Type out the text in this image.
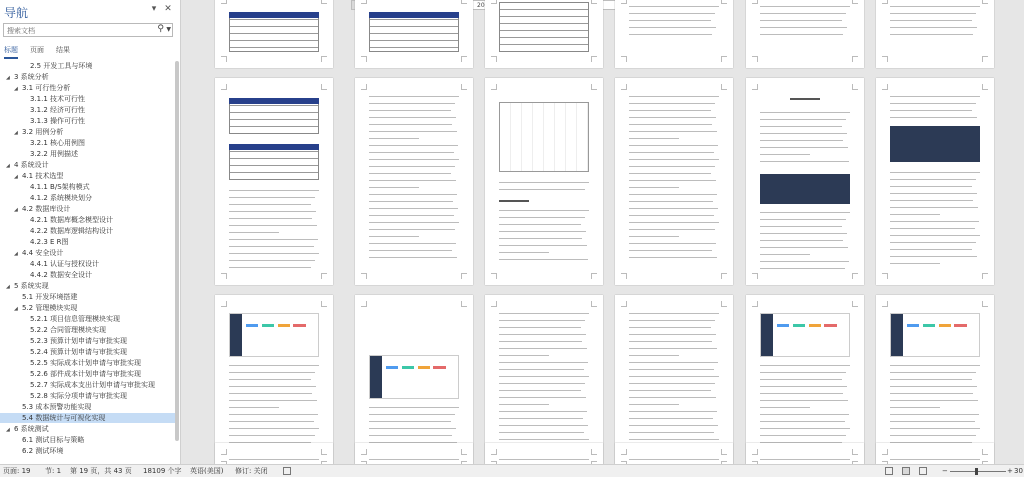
导航	▾ ✕
搜索文档	⚲ ▼
标题 页面 结果
2.5 开发工具与环境
◢ 3 系统分析
◢ 3.1 可行性分析
3.1.1 技术可行性
3.1.2 经济可行性
3.1.3 操作可行性
◢ 3.2 用例分析
3.2.1 核心用例图
3.2.2 用例描述
◢ 4 系统设计
◢ 4.1 技术选型
4.1.1 B/S架构模式
4.1.2 系统模块划分
◢ 4.2 数据库设计
4.2.1 数据库概念模型设计
4.2.2 数据库逻辑结构设计
4.2.3 E R图
◢ 4.4 安全设计
4.4.1 认证与授权设计
4.4.2 数据安全设计
◢ 5 系统实现
5.1 开发环境搭建
◢ 5.2 管理模块实现
5.2.1 项目信息管理模块实现
5.2.2 合同管理模块实现
5.2.3 预算计划申请与审批实现
5.2.4 预算计划申请与审批实现
5.2.5 实际成本计划申请与审批实现
5.2.6 部件成本计划申请与审批实现
5.2.7 实际成本支出计划申请与审批实现
5.2.8 实际分项申请与审批实现
5.3 成本预警功能实现
5.4 数据统计与可视化实现
◢ 6 系统测试
6.1 测试目标与策略
6.2 测试环境
20
页面: 19 节: 1 第 19 页，共 43 页 18109 个字 英语(美国) 修订: 关闭	−	+ 30
